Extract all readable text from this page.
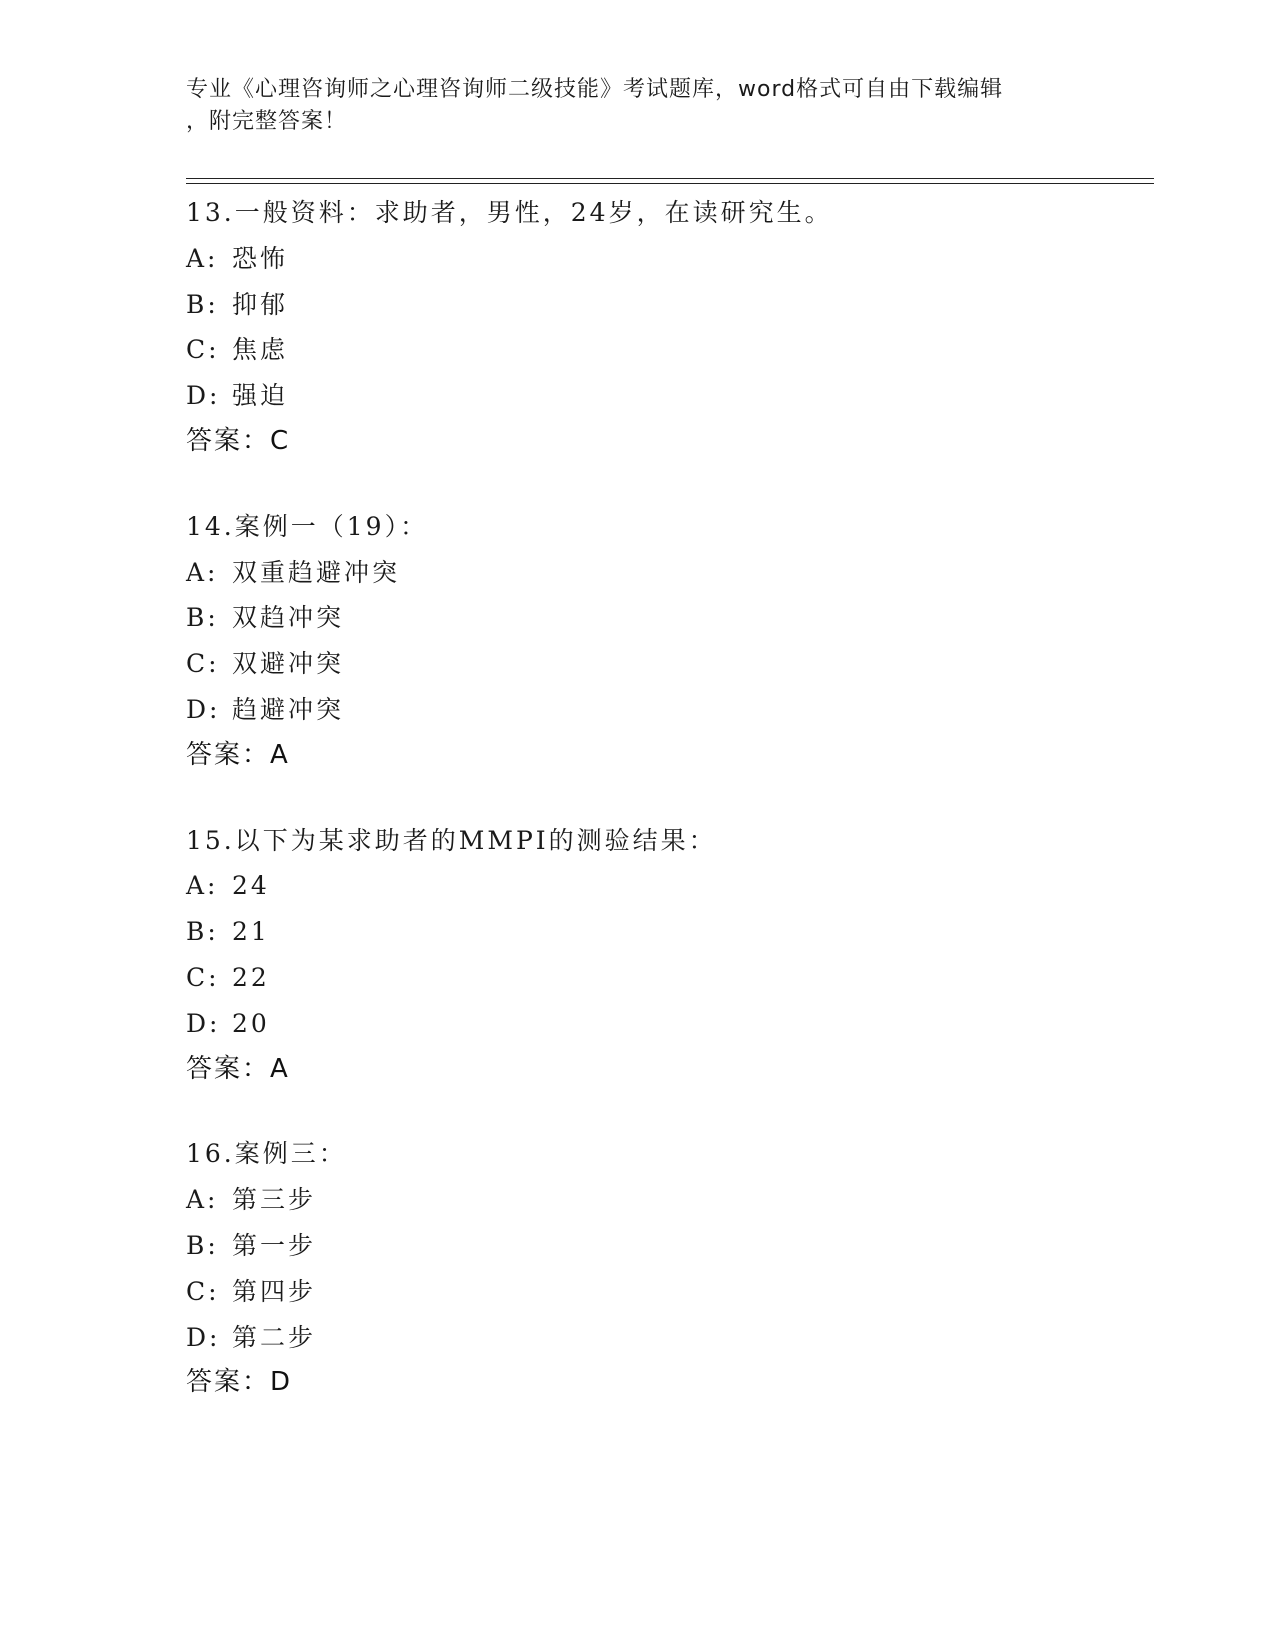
专业《心理咨询师之心理咨询师二级技能》考试题库，word格式可自由下载编辑
，附完整答案！
13.一般资料：求助者，男性，24岁，在读研究生。
A: 恐怖
B: 抑郁
C: 焦虑
D: 强迫
答案：C
14.案例一（19）：
A: 双重趋避冲突
B: 双趋冲突
C: 双避冲突
D: 趋避冲突
答案：A
15.以下为某求助者的MMPI的测验结果：
A: 24
B: 21
C: 22
D: 20
答案：A
16.案例三：
A: 第三步
B: 第一步
C: 第四步
D: 第二步
答案：D
